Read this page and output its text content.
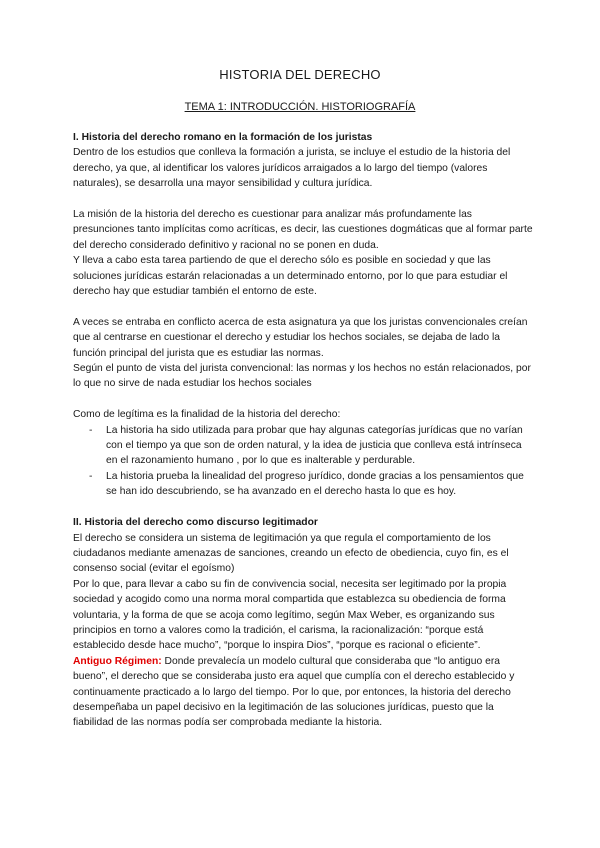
HISTORIA DEL DERECHO
TEMA 1: INTRODUCCIÓN. HISTORIOGRAFÍA

I. Historia del derecho romano en la formación de los juristas

Dentro de los estudios que conlleva la formación a jurista, se incluye el estudio de la historia del derecho, ya que, al identificar los valores jurídicos arraigados a lo largo del tiempo (valores naturales), se desarrolla una mayor sensibilidad y cultura jurídica.

La misión de la historia del derecho es cuestionar para analizar más profundamente las presunciones tanto implícitas como acríticas, es decir, las cuestiones dogmáticas que al formar parte del derecho considerado definitivo y racional no se ponen en duda.

Y lleva a cabo esta tarea partiendo de que el derecho sólo es posible en sociedad y que las soluciones jurídicas estarán relacionadas a un determinado entorno, por lo que para estudiar el derecho hay que estudiar también el entorno de este.

A veces se entraba en conflicto acerca de esta asignatura ya que los juristas convencionales creían que al centrarse en cuestionar el derecho y estudiar los hechos sociales, se dejaba de lado la función principal del jurista que es estudiar las normas.

Según el punto de vista del jurista convencional: las normas y los hechos no están relacionados, por lo que no sirve de nada estudiar los hechos sociales

Como de legítima es la finalidad de la historia del derecho:

- La historia ha sido utilizada para probar que hay algunas categorías jurídicas que no varían con el tiempo ya que son de orden natural, y la idea de justicia que conlleva está intrínseca en el razonamiento humano , por lo que es inalterable y perdurable.
- La historia prueba la linealidad del progreso jurídico, donde gracias a los pensamientos que se han ido descubriendo, se ha avanzado en el derecho hasta lo que es hoy.

II. Historia del derecho como discurso legitimador

El derecho se considera un sistema de legitimación ya que regula el comportamiento de los ciudadanos mediante amenazas de sanciones, creando un efecto de obediencia, cuyo fin, es el consenso social (evitar el egoísmo)

Por lo que, para llevar a cabo su fin de convivencia social, necesita ser legitimado por la propia sociedad y acogido como una norma moral compartida que establezca su obediencia de forma voluntaria, y la forma de que se acoja como legítimo, según Max Weber, es organizando sus principios en torno a valores como la tradición, el carisma, la racionalización: “porque está establecido desde hace mucho”, “porque lo inspira Dios”, “porque es racional o eficiente”.

Antiguo Régimen: Donde prevalecía un modelo cultural que consideraba que “lo antiguo era bueno”, el derecho que se consideraba justo era aquel que cumplía con el derecho establecido y continuamente practicado a lo largo del tiempo. Por lo que, por entonces, la historia del derecho desempeñaba un papel decisivo en la legitimación de las soluciones jurídicas, puesto que la fiabilidad de las normas podía ser comprobada mediante la historia.
